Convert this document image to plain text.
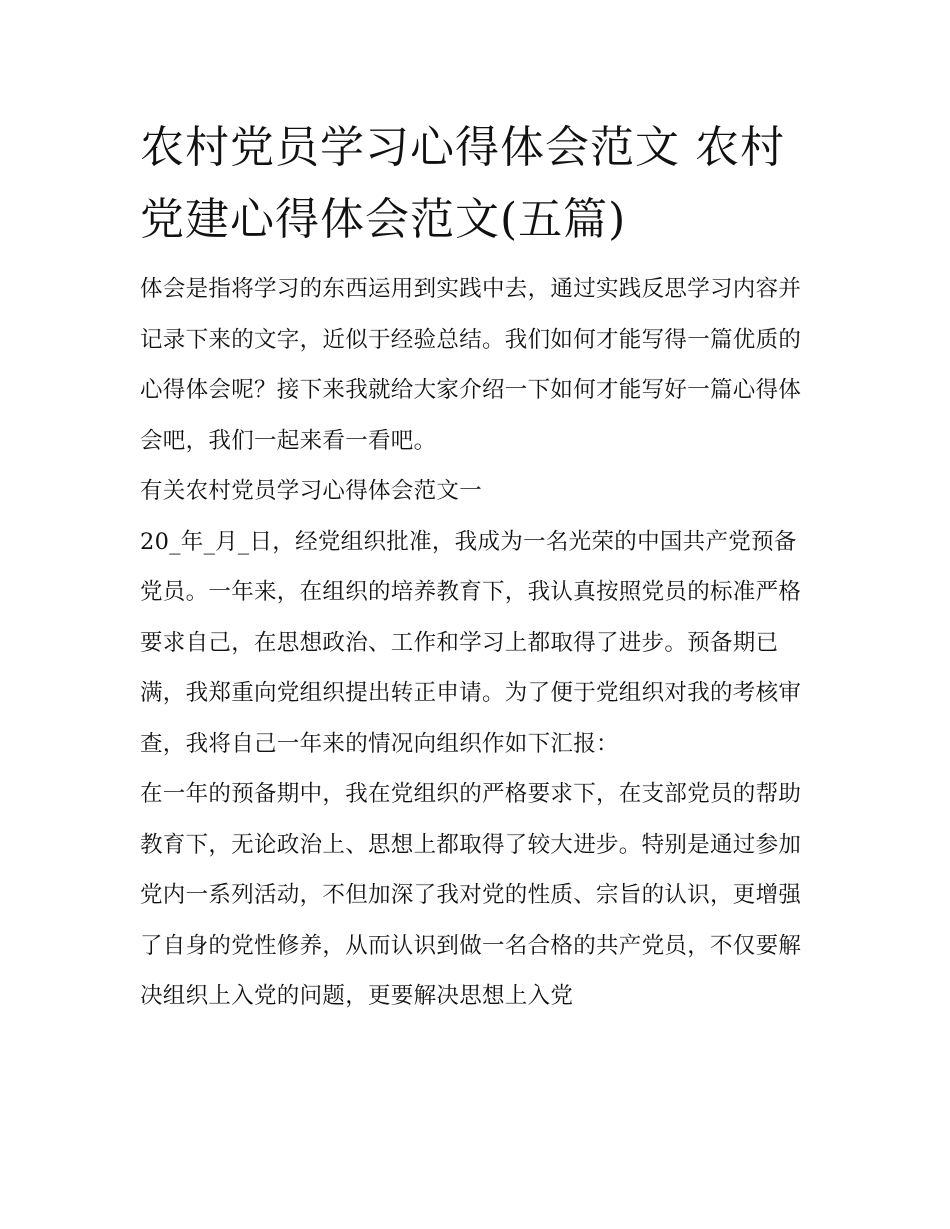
农村党员学习心得体会范文 农村党建心得体会范文(五篇)

体会是指将学习的东西运用到实践中去，通过实践反思学习内容并记录下来的文字，近似于经验总结。我们如何才能写得一篇优质的心得体会呢？接下来我就给大家介绍一下如何才能写好一篇心得体会吧，我们一起来看一看吧。

有关农村党员学习心得体会范文一

20_年_月_日，经党组织批准，我成为一名光荣的中国共产党预备党员。一年来，在组织的培养教育下，我认真按照党员的标准严格要求自己，在思想政治、工作和学习上都取得了进步。预备期已满，我郑重向党组织提出转正申请。为了便于党组织对我的考核审查，我将自己一年来的情况向组织作如下汇报：

在一年的预备期中，我在党组织的严格要求下，在支部党员的帮助教育下，无论政治上、思想上都取得了较大进步。特别是通过参加党内一系列活动，不但加深了我对党的性质、宗旨的认识，更增强了自身的党性修养，从而认识到做一名合格的共产党员，不仅要解决组织上入党的问题，更要解决思想上入党
